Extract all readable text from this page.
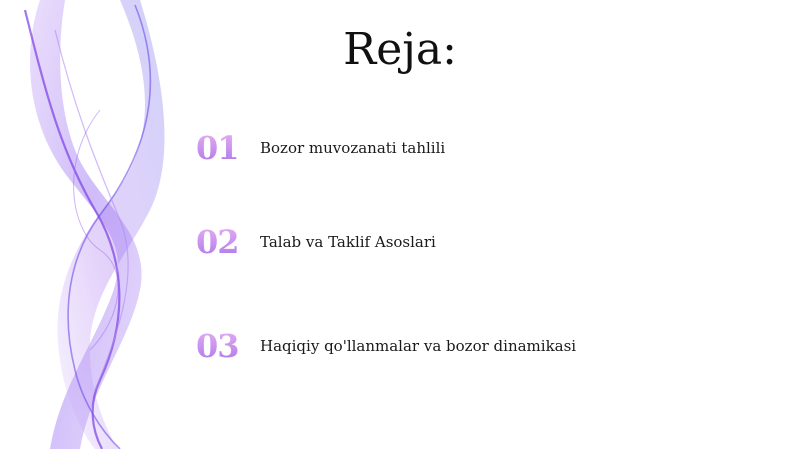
Reja:
01	Bozor muvozanati tahlili
02	Talab va Taklif Asoslari
03	Haqiqiy qo'llanmalar va bozor dinamikasi
